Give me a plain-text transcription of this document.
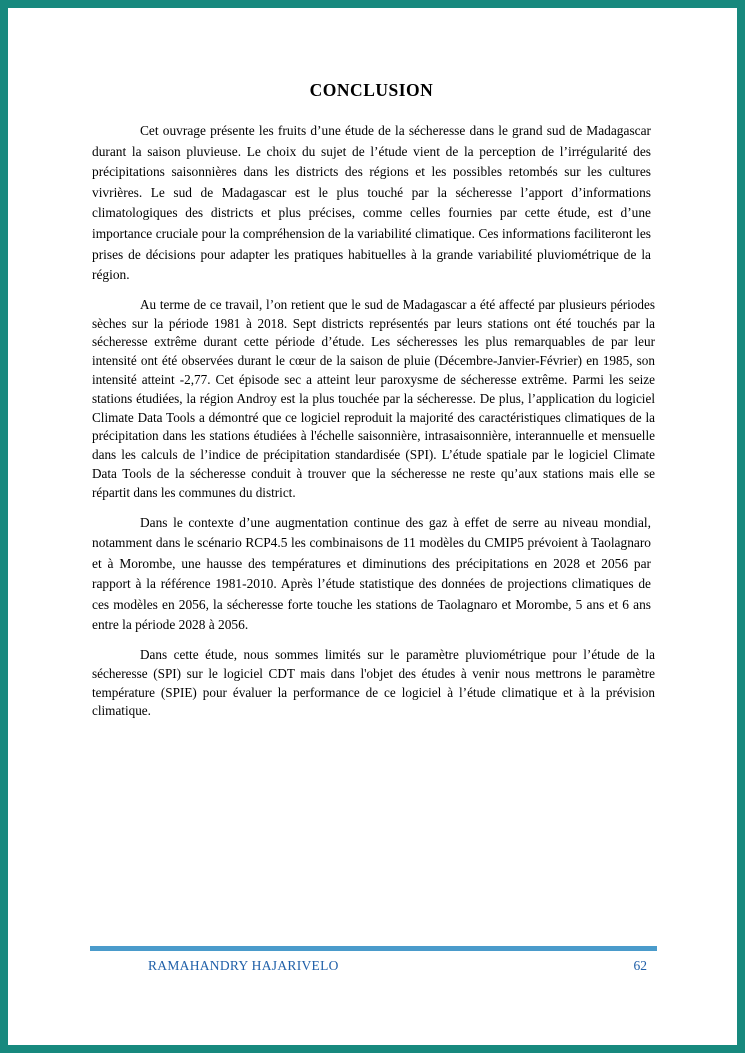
CONCLUSION

Cet ouvrage présente les fruits d’une étude de la sécheresse dans le grand sud de Madagascar durant la saison pluvieuse. Le choix du sujet de l’étude vient de la perception de l’irrégularité des précipitations saisonnières dans les districts des régions et les possibles retombés sur les cultures vivrières. Le sud de Madagascar est le plus touché par la sécheresse l’apport d’informations climatologiques des districts et plus précises, comme celles fournies par cette étude, est d’une importance cruciale pour la compréhension de la variabilité climatique. Ces informations faciliteront les prises de décisions pour adapter les pratiques habituelles à la grande variabilité pluviométrique de la région.

Au terme de ce travail, l’on retient que le sud de Madagascar a été affecté par plusieurs périodes sèches sur la période 1981 à 2018. Sept districts représentés par leurs stations ont été touchés par la sécheresse extrême durant cette période d’étude. Les sécheresses les plus remarquables de par leur intensité ont été observées durant le cœur de la saison de pluie (Décembre-Janvier-Février) en 1985, son intensité atteint -2,77. Cet épisode sec a atteint leur paroxysme de sécheresse extrême. Parmi les seize stations étudiées, la région Androy est la plus touchée par la sécheresse. De plus, l’application du logiciel Climate Data Tools a démontré que ce logiciel reproduit la majorité des caractéristiques climatiques de la précipitation dans les stations étudiées à l'échelle saisonnière, intrasaisonnière, interannuelle et mensuelle dans les calculs de l’indice de précipitation standardisée (SPI). L’étude spatiale par le logiciel Climate Data Tools de la sécheresse conduit à trouver que la sécheresse ne reste qu’aux stations mais elle se répartit dans les communes du district.

Dans le contexte d’une augmentation continue des gaz à effet de serre au niveau mondial, notamment dans le scénario RCP4.5 les combinaisons de 11 modèles du CMIP5 prévoient à Taolagnaro et à Morombe, une hausse des températures et diminutions des précipitations en 2028 et 2056 par rapport à la référence 1981-2010. Après l’étude statistique des données de projections climatiques de ces modèles en 2056, la sécheresse forte touche les stations de Taolagnaro et Morombe, 5 ans et 6 ans entre la période 2028 à 2056.

Dans cette étude, nous sommes limités sur le paramètre pluviométrique pour l’étude de la sécheresse (SPI) sur le logiciel CDT mais dans l'objet des études à venir nous mettrons le paramètre température (SPIE) pour évaluer la performance de ce logiciel à l’étude climatique et à la prévision climatique.

RAMAHANDRY HAJARIVELO	62
